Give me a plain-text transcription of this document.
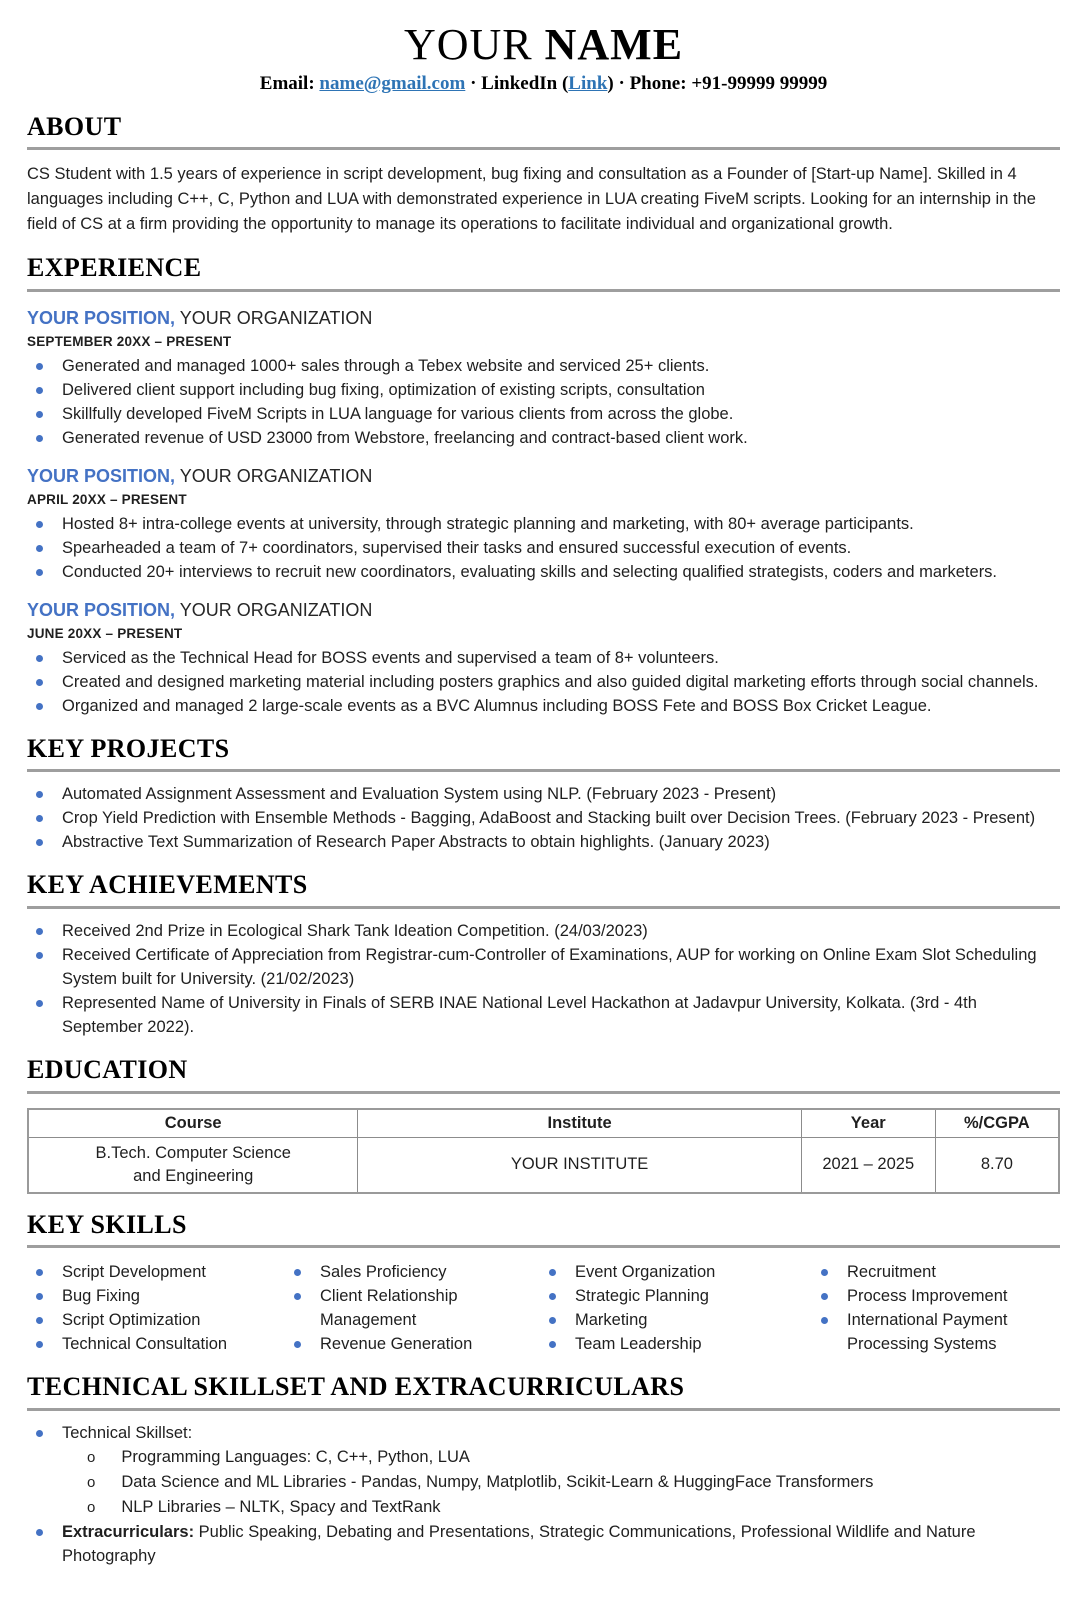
YOUR NAME
Email: name@gmail.com · LinkedIn (Link) · Phone: +91-99999 99999
ABOUT

CS Student with 1.5 years of experience in script development, bug fixing and consultation as a Founder of [Start-up Name]. Skilled in 4 languages including C++, C, Python and LUA with demonstrated experience in LUA creating FiveM scripts. Looking for an internship in the field of CS at a firm providing the opportunity to manage its operations to facilitate individual and organizational growth.

EXPERIENCE
YOUR POSITION, YOUR ORGANIZATION
SEPTEMBER 20XX – PRESENT
Generated and managed 1000+ sales through a Tebex website and serviced 25+ clients.
Delivered client support including bug fixing, optimization of existing scripts, consultation
Skillfully developed FiveM Scripts in LUA language for various clients from across the globe.
Generated revenue of USD 23000 from Webstore, freelancing and contract-based client work.
YOUR POSITION, YOUR ORGANIZATION
APRIL 20XX – PRESENT
Hosted 8+ intra-college events at university, through strategic planning and marketing, with 80+ average participants.
Spearheaded a team of 7+ coordinators, supervised their tasks and ensured successful execution of events.
Conducted 20+ interviews to recruit new coordinators, evaluating skills and selecting qualified strategists, coders and marketers.
YOUR POSITION, YOUR ORGANIZATION
JUNE 20XX – PRESENT
Serviced as the Technical Head for BOSS events and supervised a team of 8+ volunteers.
Created and designed marketing material including posters graphics and also guided digital marketing efforts through social channels.
Organized and managed 2 large-scale events as a BVC Alumnus including BOSS Fete and BOSS Box Cricket League.
KEY PROJECTS
Automated Assignment Assessment and Evaluation System using NLP. (February 2023 - Present)
Crop Yield Prediction with Ensemble Methods - Bagging, AdaBoost and Stacking built over Decision Trees. (February 2023 - Present)
Abstractive Text Summarization of Research Paper Abstracts to obtain highlights. (January 2023)
KEY ACHIEVEMENTS
Received 2nd Prize in Ecological Shark Tank Ideation Competition. (24/03/2023)
Received Certificate of Appreciation from Registrar-cum-Controller of Examinations, AUP for working on Online Exam Slot Scheduling System built for University. (21/02/2023)
Represented Name of University in Finals of SERB INAE National Level Hackathon at Jadavpur University, Kolkata. (3rd - 4th September 2022).
EDUCATION
Course	Institute	Year	%/CGPA
B.Tech. Computer Science and Engineering	YOUR INSTITUTE	2021 – 2025	8.70
KEY SKILLS
Script Development
Bug Fixing
Script Optimization
Technical Consultation
Sales Proficiency
Client Relationship Management
Revenue Generation
Event Organization
Strategic Planning
Marketing
Team Leadership
Recruitment
Process Improvement
International Payment Processing Systems
TECHNICAL SKILLSET AND EXTRACURRICULARS
Technical Skillset:
o Programming Languages: C, C++, Python, LUA
o Data Science and ML Libraries - Pandas, Numpy, Matplotlib, Scikit-Learn & HuggingFace Transformers
o NLP Libraries – NLTK, Spacy and TextRank
Extracurriculars: Public Speaking, Debating and Presentations, Strategic Communications, Professional Wildlife and Nature Photography
